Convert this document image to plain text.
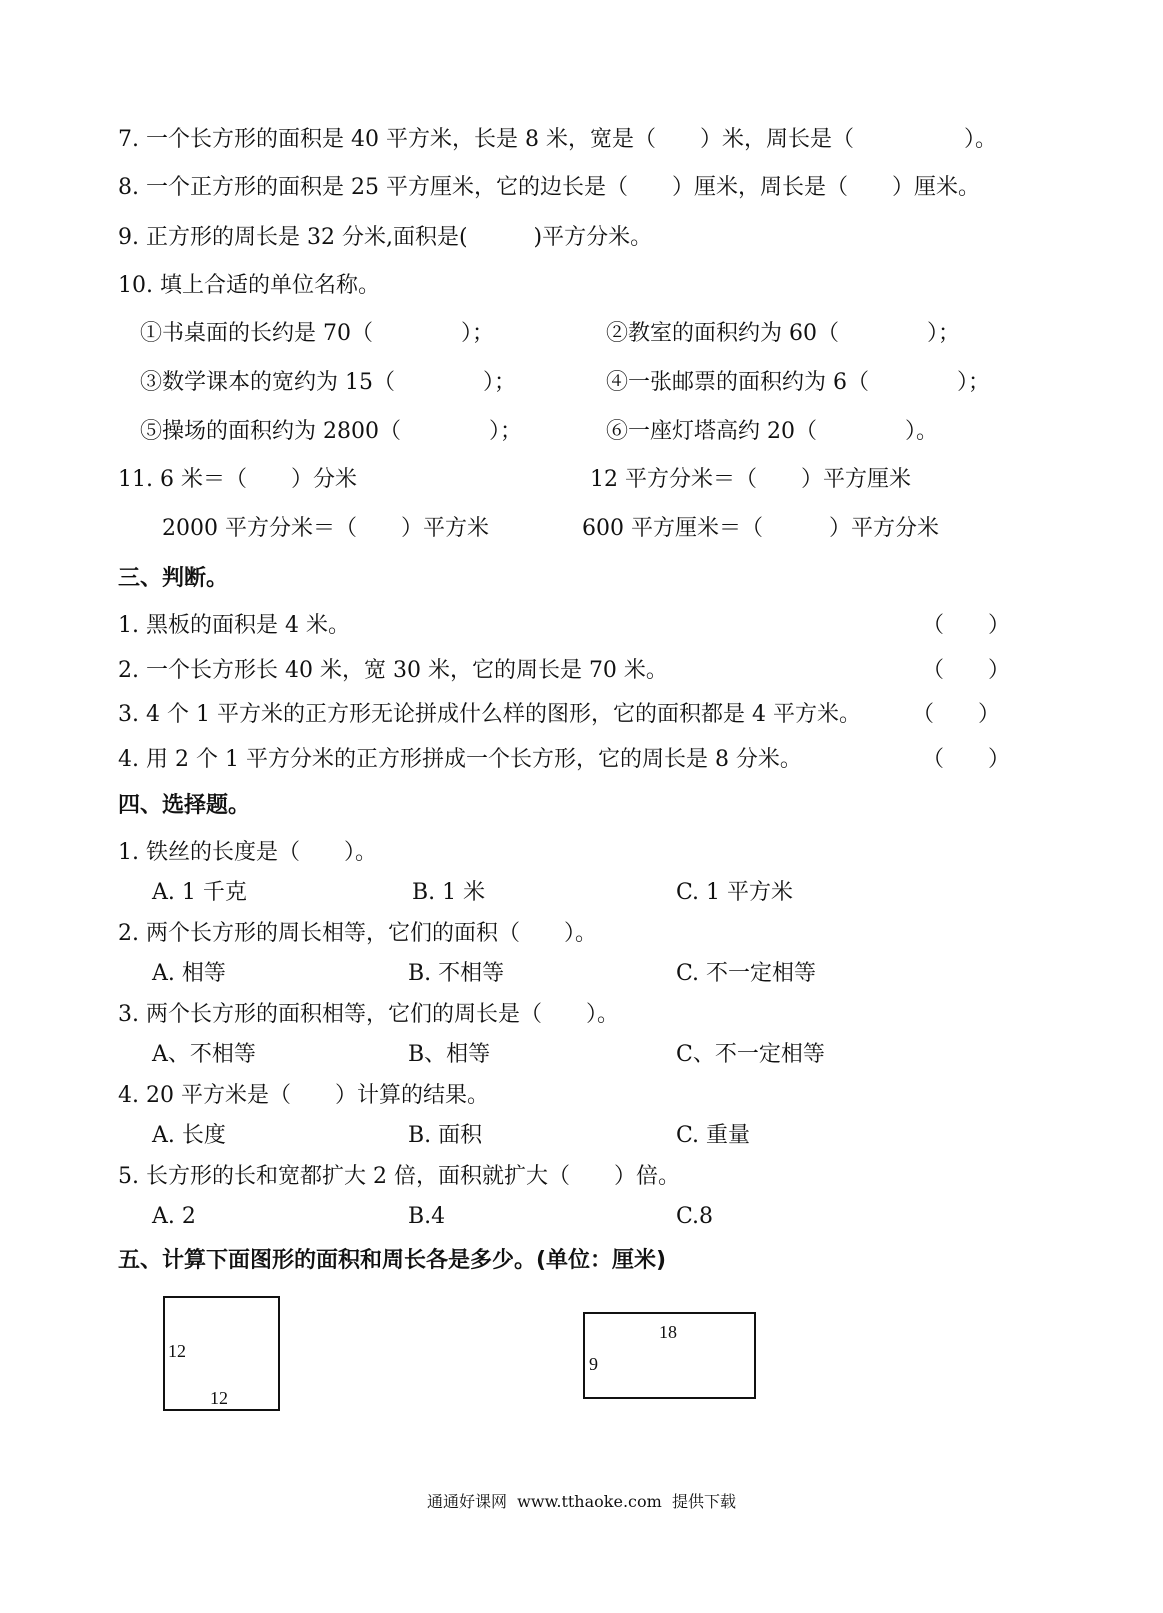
7. 一个长方形的面积是 40 平方米，长是 8 米，宽是（　　）米，周长是（　　　　　）。
8. 一个正方形的面积是 25 平方厘米，它的边长是（　　）厘米，周长是（　　）厘米。
9. 正方形的周长是 32 分米,面积是(　　　)平方分米。
10. 填上合适的单位名称。
①书桌面的长约是 70（　　　　）；	②教室的面积约为 60（　　　　）；
③数学课本的宽约为 15（　　　　）；	④一张邮票的面积约为 6（　　　　）；
⑤操场的面积约为 2800（　　　　）；	⑥一座灯塔高约 20（　　　　）。
11. 6 米＝（　　）分米	12 平方分米＝（　　）平方厘米
2000 平方分米＝（　　）平方米	600 平方厘米＝（　　　）平方分米
三、判断。
1. 黑板的面积是 4 米。	（　　）
2. 一个长方形长 40 米，宽 30 米，它的周长是 70 米。	（　　）
3. 4 个 1 平方米的正方形无论拼成什么样的图形，它的面积都是 4 平方米。 （　　）
4. 用 2 个 1 平方分米的正方形拼成一个长方形，它的周长是 8 分米。	（　　）
四、选择题。
1. 铁丝的长度是（　　）。
A. 1 千克	B. 1 米	C. 1 平方米
2. 两个长方形的周长相等，它们的面积（　　）。
A. 相等	B. 不相等	C. 不一定相等
3. 两个长方形的面积相等，它们的周长是（　　）。
A、不相等	B、相等	C、不一定相等
4. 20 平方米是（　　）计算的结果。
A. 长度	B. 面积	C. 重量
5. 长方形的长和宽都扩大 2 倍，面积就扩大（　　）倍。
A. 2	B.4	C.8
五、计算下面图形的面积和周长各是多少。(单位：厘米)
12
12
18
9
通通好课网  www.tthaoke.com  提供下载
